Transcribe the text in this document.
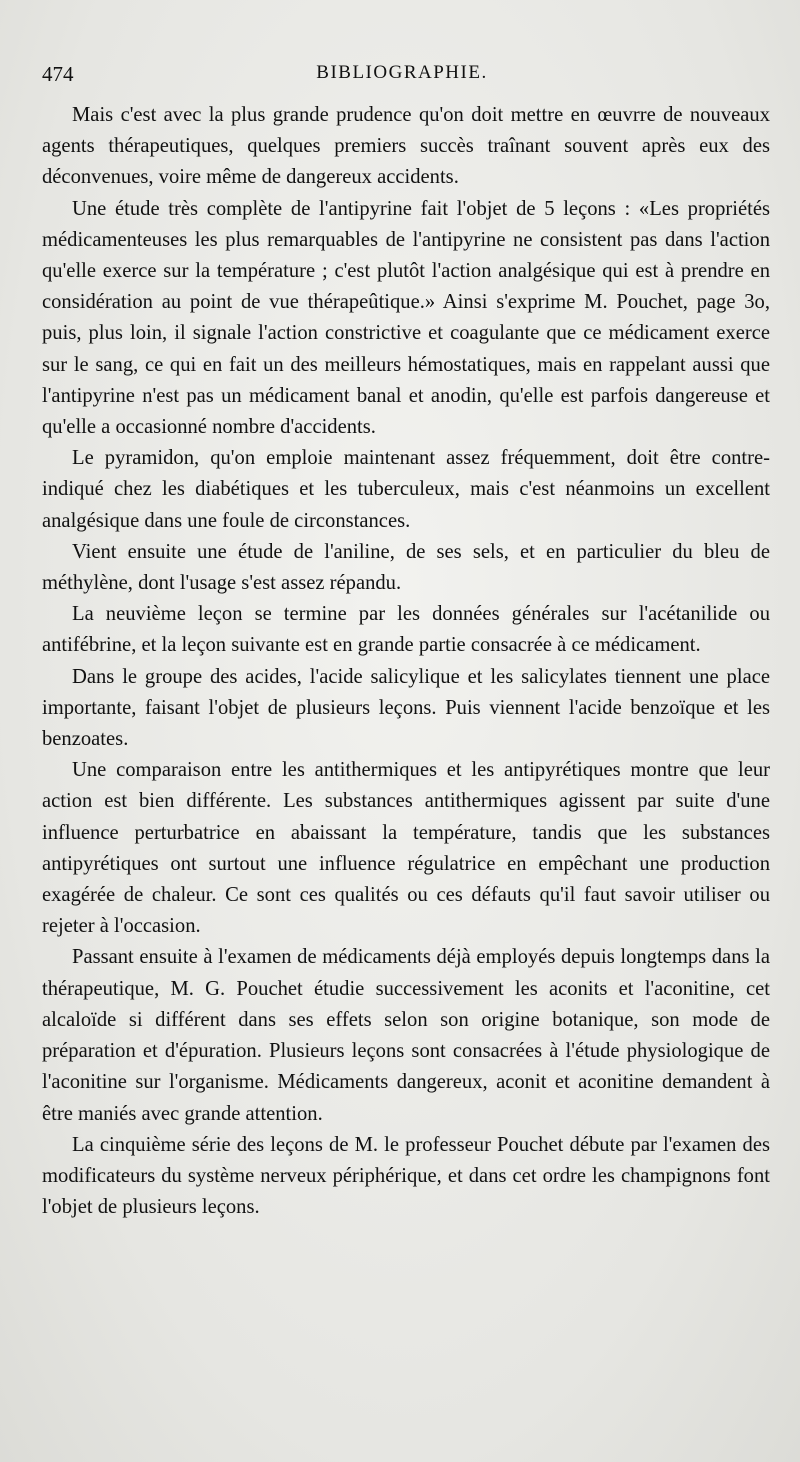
474	BIBLIOGRAPHIE.

Mais c'est avec la plus grande prudence qu'on doit mettre en œuvrre de nouveaux agents thérapeutiques, quelques premiers succès traînant souvent après eux des déconvenues, voire même de dangereux accidents.

Une étude très complète de l'antipyrine fait l'objet de 5 leçons : «Les propriétés médicamenteuses les plus remarquables de l'antipyrine ne consistent pas dans l'action qu'elle exerce sur la température ; c'est plutôt l'action analgésique qui est à prendre en considération au point de vue thérapeûtique.» Ainsi s'exprime M. Pouchet, page 3o, puis, plus loin, il signale l'action constrictive et coagulante que ce médicament exerce sur le sang, ce qui en fait un des meilleurs hémostatiques, mais en rappelant aussi que l'antipyrine n'est pas un médicament banal et anodin, qu'elle est parfois dangereuse et qu'elle a occasionné nombre d'accidents.

Le pyramidon, qu'on emploie maintenant assez fréquemment, doit être contre-indiqué chez les diabétiques et les tuberculeux, mais c'est néanmoins un excellent analgésique dans une foule de circonstances.

Vient ensuite une étude de l'aniline, de ses sels, et en particulier du bleu de méthylène, dont l'usage s'est assez répandu.

La neuvième leçon se termine par les données générales sur l'acétanilide ou antifébrine, et la leçon suivante est en grande partie consacrée à ce médicament.

Dans le groupe des acides, l'acide salicylique et les salicylates tiennent une place importante, faisant l'objet de plusieurs leçons. Puis viennent l'acide benzoïque et les benzoates.

Une comparaison entre les antithermiques et les antipyrétiques montre que leur action est bien différente. Les substances antithermiques agissent par suite d'une influence perturbatrice en abaissant la température, tandis que les substances antipyrétiques ont surtout une influence régulatrice en empêchant une production exagérée de chaleur. Ce sont ces qualités ou ces défauts qu'il faut savoir utiliser ou rejeter à l'occasion.

Passant ensuite à l'examen de médicaments déjà employés depuis longtemps dans la thérapeutique, M. G. Pouchet étudie successivement les aconits et l'aconitine, cet alcaloïde si différent dans ses effets selon son origine botanique, son mode de préparation et d'épuration. Plusieurs leçons sont consacrées à l'étude physiologique de l'aconitine sur l'organisme. Médicaments dangereux, aconit et aconitine demandent à être maniés avec grande attention.

La cinquième série des leçons de M. le professeur Pouchet débute par l'examen des modificateurs du système nerveux périphérique, et dans cet ordre les champignons font l'objet de plusieurs leçons.
